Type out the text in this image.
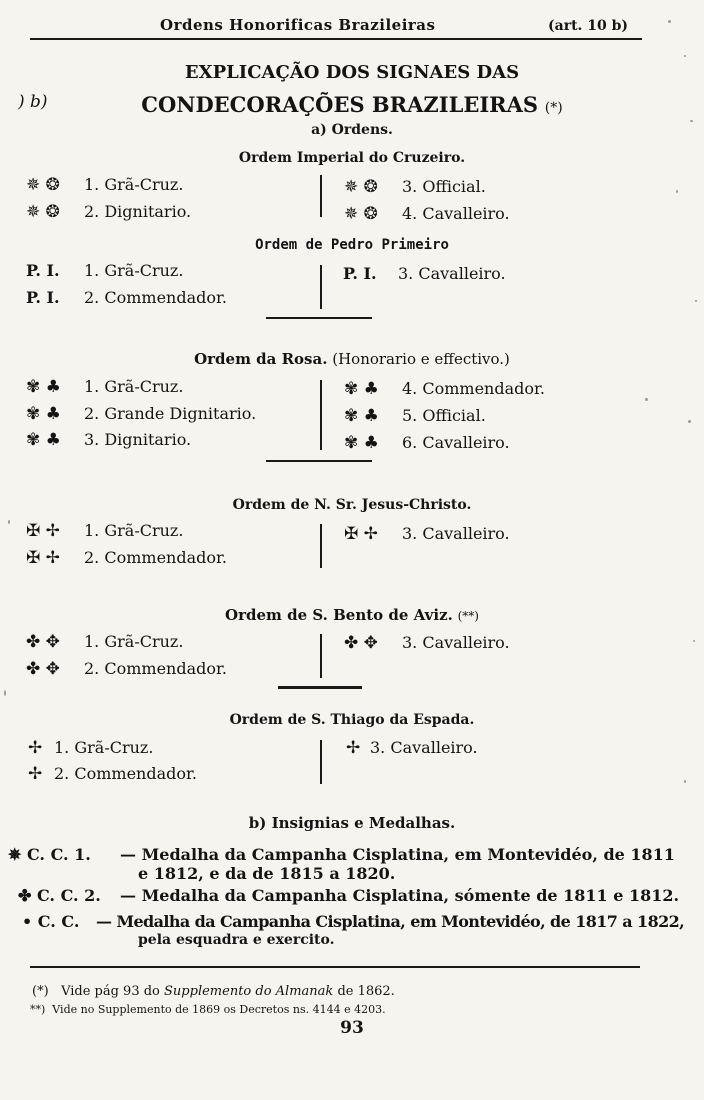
Ordens Honorificas Brazileiras	(art. 10 b)
EXPLICAÇÃO DOS SIGNAES DAS
) b)	CONDECORAÇÕES BRAZILEIRAS (*)
a) Ordens.
Ordem Imperial do Cruzeiro.
✵ ❂ 1. Grã-Cruz.
✵ ❂ 2. Dignitario.
✵ ❂ 3. Official.
✵ ❂ 4. Cavalleiro.
Ordem de Pedro Primeiro
P. I. 1. Grã-Cruz.
P. I. 2. Commendador.
P. I. 3. Cavalleiro.
Ordem da Rosa. (Honorario e effectivo.)
✾ ♣ 1. Grã-Cruz.
✾ ♣ 2. Grande Dignitario.
✾ ♣ 3. Dignitario.
✾ ♣ 4. Commendador.
✾ ♣ 5. Official.
✾ ♣ 6. Cavalleiro.
Ordem de N. Sr. Jesus-Christo.
✠ ✢ 1. Grã-Cruz.
✠ ✢ 2. Commendador.
✠ ✢ 3. Cavalleiro.
Ordem de S. Bento de Aviz. (**)
✤ ✥ 1. Grã-Cruz.
✤ ✥ 2. Commendador.
✤ ✥ 3. Cavalleiro.
Ordem de S. Thiago da Espada.
✢ 1. Grã-Cruz.
✢ 2. Commendador.
✢ 3. Cavalleiro.
b) Insignias e Medalhas.
✵ C. C. 1. — Medalha da Campanha Cisplatina, em Montevidéo, de 1811
e 1812, e da de 1815 a 1820.
✤ C. C. 2. — Medalha da Campanha Cisplatina, sómente de 1811 e 1812.
• C. C. — Medalha da Campanha Cisplatina, em Montevidéo, de 1817 a 1822,
pela esquadra e exercito.
(*) Vide pág 93 do Supplemento do Almanak de 1862.
**) Vide no Supplemento de 1869 os Decretos ns. 4144 e 4203.
93
